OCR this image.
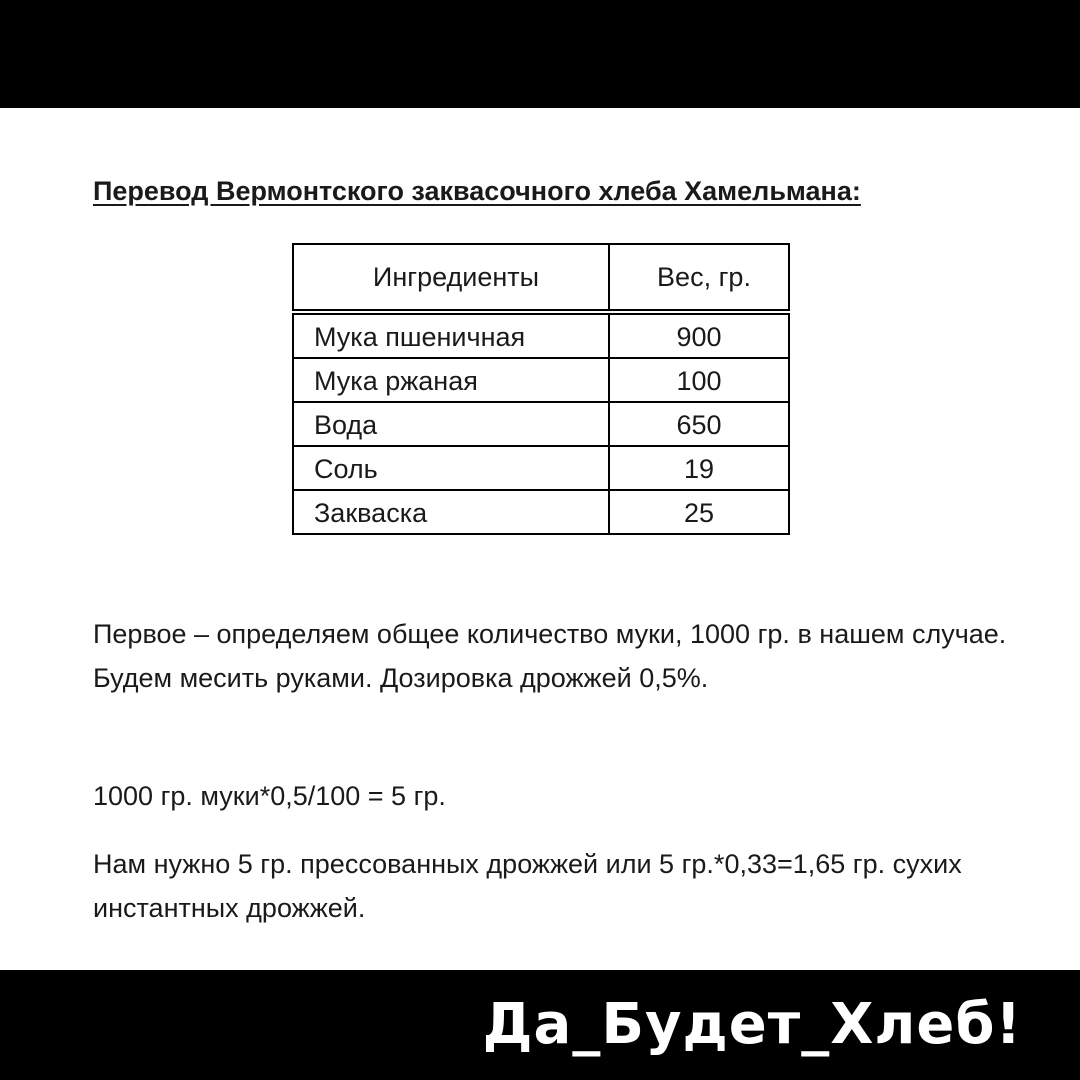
Перевод Вермонтского заквасочного хлеба Хамельмана:
Ингредиенты	Вес, гр.
Мука пшеничная	900
Мука ржаная	100
Вода	650
Соль	19
Закваска	25
Первое – определяем общее количество муки, 1000 гр. в нашем случае. Будем месить руками. Дозировка дрожжей 0,5%.
1000 гр. муки*0,5/100 = 5 гр.
Нам нужно 5 гр. прессованных дрожжей или 5 гр.*0,33=1,65 гр. сухих инстантных дрожжей.
Да_Будет_Хлеб!
